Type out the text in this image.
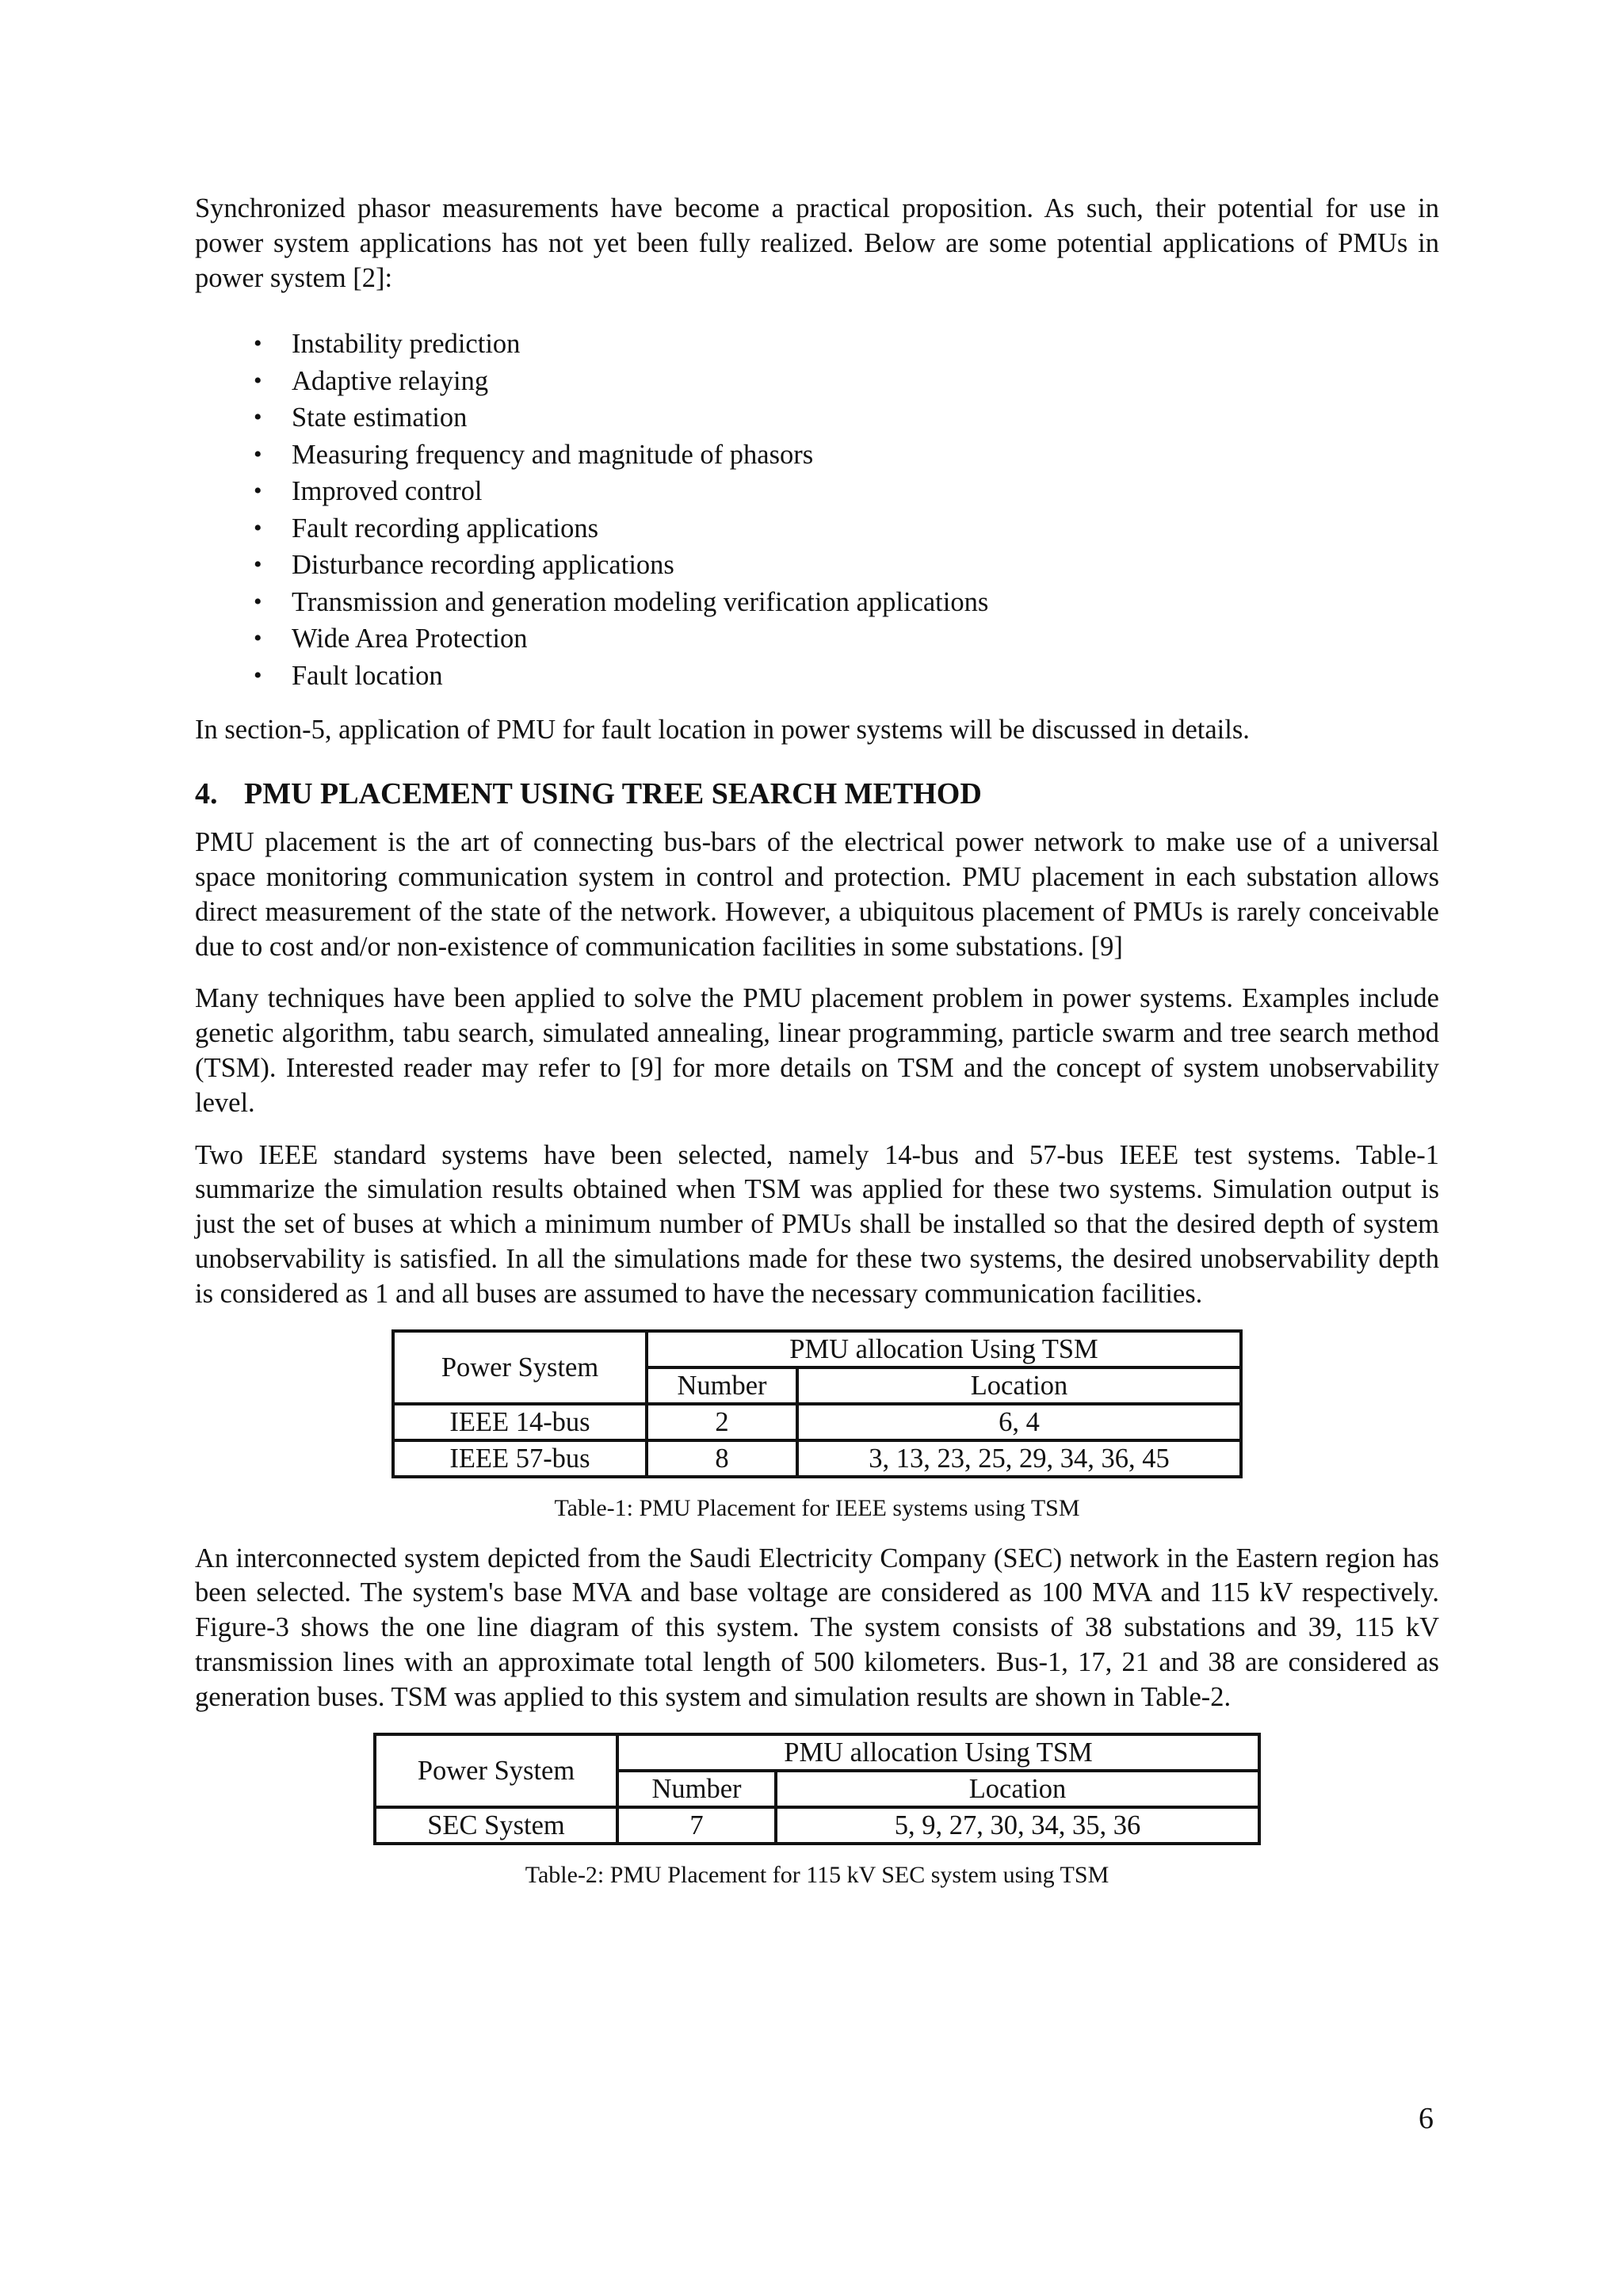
Synchronized phasor measurements have become a practical proposition. As such, their potential for use in power system applications has not yet been fully realized. Below are some potential applications of PMUs in power system [2]:

• Instability prediction
• Adaptive relaying
• State estimation
• Measuring frequency and magnitude of phasors
• Improved control
• Fault recording applications
• Disturbance recording applications
• Transmission and generation modeling verification applications
• Wide Area Protection
• Fault location

In section-5, application of PMU for fault location in power systems will be discussed in details.

4. PMU PLACEMENT USING TREE SEARCH METHOD

PMU placement is the art of connecting bus-bars of the electrical power network to make use of a universal space monitoring communication system in control and protection. PMU placement in each substation allows direct measurement of the state of the network. However, a ubiquitous placement of PMUs is rarely conceivable due to cost and/or non-existence of communication facilities in some substations. [9]

Many techniques have been applied to solve the PMU placement problem in power systems. Examples include genetic algorithm, tabu search, simulated annealing, linear programming, particle swarm and tree search method (TSM). Interested reader may refer to [9] for more details on TSM and the concept of system unobservability level.

Two IEEE standard systems have been selected, namely 14-bus and 57-bus IEEE test systems. Table-1 summarize the simulation results obtained when TSM was applied for these two systems. Simulation output is just the set of buses at which a minimum number of PMUs shall be installed so that the desired depth of system unobservability is satisfied. In all the simulations made for these two systems, the desired unobservability depth is considered as 1 and all buses are assumed to have the necessary communication facilities.

Power System	PMU allocation Using TSM	
	Number	Location
IEEE 14-bus	2	6, 4
IEEE 57-bus	8	3, 13, 23, 25, 29, 34, 36, 45
Table-1: PMU Placement for IEEE systems using TSM

An interconnected system depicted from the Saudi Electricity Company (SEC) network in the Eastern region has been selected. The system's base MVA and base voltage are considered as 100 MVA and 115 kV respectively. Figure-3 shows the one line diagram of this system. The system consists of 38 substations and 39, 115 kV transmission lines with an approximate total length of 500 kilometers. Bus-1, 17, 21 and 38 are considered as generation buses. TSM was applied to this system and simulation results are shown in Table-2.

Power System	PMU allocation Using TSM	
	Number	Location
SEC System	7	5, 9, 27, 30, 34, 35, 36
Table-2: PMU Placement for 115 kV SEC system using TSM
6
